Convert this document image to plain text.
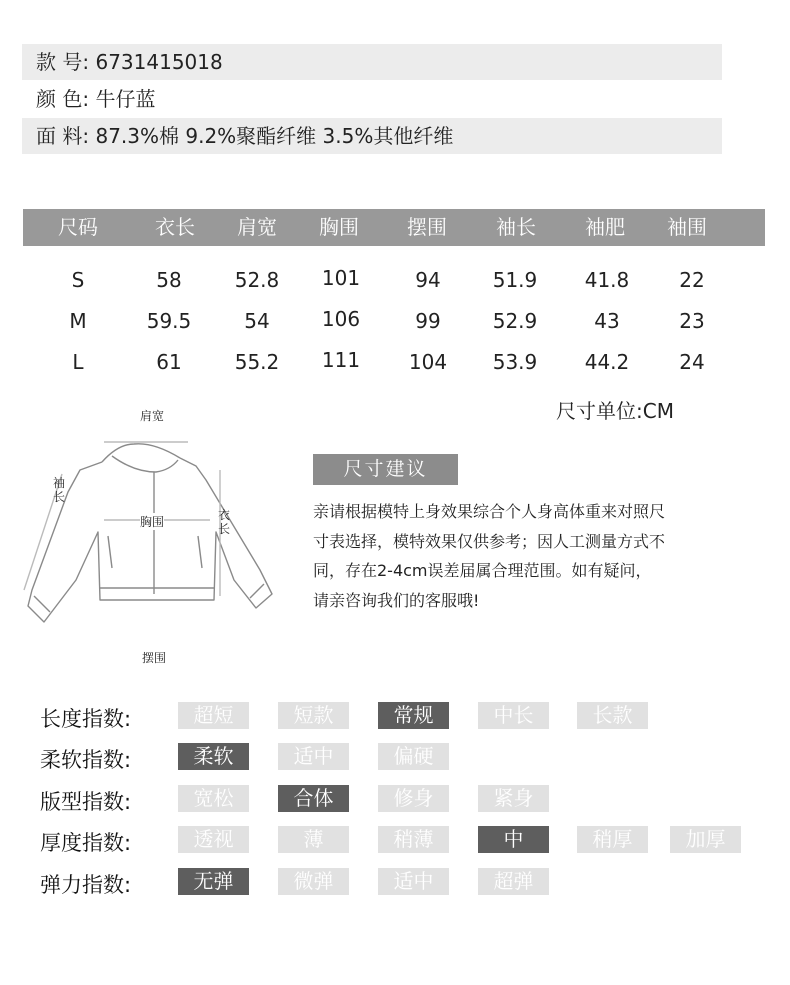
款 号: 6731415018
颜 色: 牛仔蓝
面 料: 87.3%棉 9.2%聚酯纤维 3.5%其他纤维
尺码	衣长 肩宽 胸围 摆围 袖长 袖肥 袖围
S	58	52.8 101	94	51.9 41.8	22
M	59.5	54	106	99	52.9	43	23
L	61	55.2 111 104 53.9 44.2	24
尺寸单位:CM
肩宽
袖
长
胸围	衣
长
摆围
尺寸建议
亲请根据模特上身效果综合个人身高体重来对照尺
寸表选择，模特效果仅供参考；因人工测量方式不
同，存在2-4cm误差届属合理范围。如有疑问，
请亲咨询我们的客服哦!
长度指数:	超短	短款	常规	中长	长款
柔软指数:	柔软	适中	偏硬
版型指数:	宽松	合体	修身	紧身
厚度指数:	透视	薄	稍薄	中	稍厚	加厚
弹力指数:	无弹	微弹	适中	超弹
